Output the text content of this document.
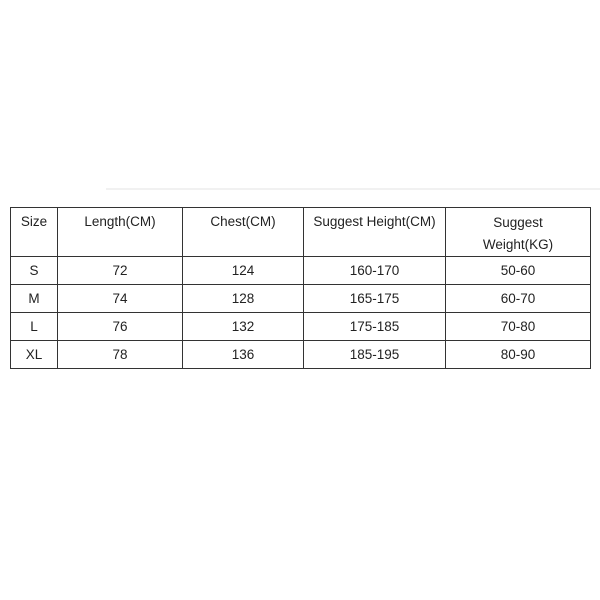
Size	Length(CM)	Chest(CM)	Suggest Height(CM)	Suggest
Weight(KG)

S	72	124	160-170	50-60
M	74	128	165-175	60-70
L	76	132	175-185	70-80
XL	78	136	185-195	80-90
